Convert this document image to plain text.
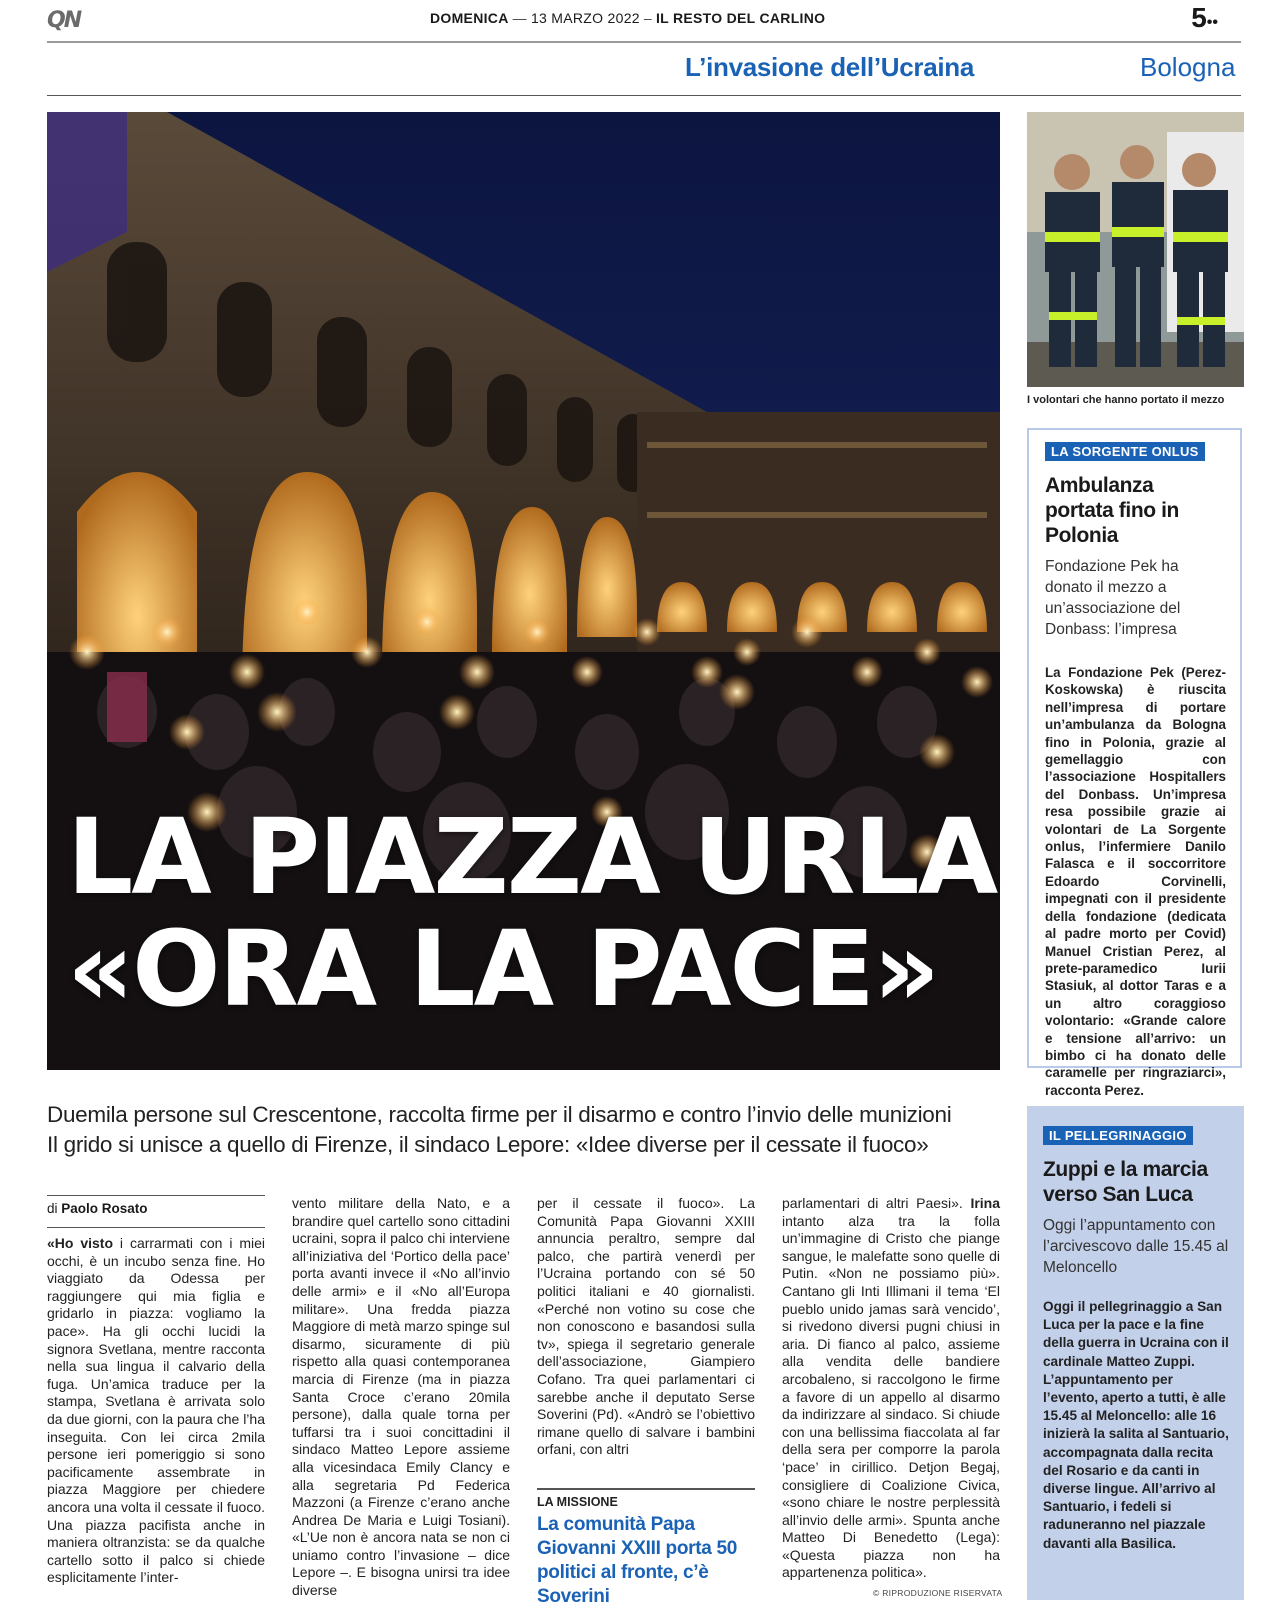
QN	DOMENICA — 13 MARZO 2022 – IL RESTO DEL CARLINO	5••
L’invasione dell’Ucraina	Bologna
LA PIAZZA URLA
«ORA LA PACE»
I volontari che hanno portato il mezzo
LA SORGENTE ONLUS
Ambulanza portata fino in Polonia
Fondazione Pek ha donato il mezzo a un’associazione del Donbass: l’impresa
La Fondazione Pek (Perez-Koskowska) è riuscita nell’impresa di portare un’ambulanza da Bologna fino in Polonia, grazie al gemellaggio con l’associazione Hospitallers del Donbass. Un’impresa resa possibile grazie ai volontari de La Sorgente onlus, l’infermiere Danilo Falasca e il soccorritore Edoardo Corvinelli, impegnati con il presidente della fondazione (dedicata al padre morto per Covid) Manuel Cristian Perez, al prete-paramedico Iurii Stasiuk, al dottor Taras e a un altro coraggioso volontario: «Grande calore e tensione all’arrivo: un bimbo ci ha donato delle caramelle per ringraziarci», racconta Perez.
Duemila persone sul Crescentone, raccolta firme per il disarmo e contro l’invio delle munizioni
Il grido si unisce a quello di Firenze, il sindaco Lepore: «Idee diverse per il cessate il fuoco»
di Paolo Rosato
«Ho visto i carrarmati con i miei occhi, è un incubo senza fine. Ho viaggiato da Odessa per raggiungere qui mia figlia e gridarlo in piazza: vogliamo la pace». Ha gli occhi lucidi la signora Svetlana, mentre racconta nella sua lingua il calvario della fuga. Un’amica traduce per la stampa, Svetlana è arrivata solo da due giorni, con la paura che l’ha inseguita. Con lei circa 2mila persone ieri pomeriggio si sono pacificamente assembrate in piazza Maggiore per chiedere ancora una volta il cessate il fuoco. Una piazza pacifista anche in maniera oltranzista: se da qualche cartello sotto il palco si chiede esplicitamente l’inter-
vento militare della Nato, e a brandire quel cartello sono cittadini ucraini, sopra il palco chi interviene all’iniziativa del ‘Portico della pace’ porta avanti invece il «No all’invio delle armi» e il «No all’Europa militare». Una fredda piazza Maggiore di metà marzo spinge sul disarmo, sicuramente di più rispetto alla quasi contemporanea marcia di Firenze (ma in piazza Santa Croce c’erano 20mila persone), dalla quale torna per tuffarsi tra i suoi concittadini il sindaco Matteo Lepore assieme alla vicesindaca Emily Clancy e alla segretaria Pd Federica Mazzoni (a Firenze c’erano anche Andrea De Maria e Luigi Tosiani). «L’Ue non è ancora nata se non ci uniamo contro l’invasione – dice Lepore –. E bisogna unirsi tra idee diverse
per il cessate il fuoco». La Comunità Papa Giovanni XXIII annuncia peraltro, sempre dal palco, che partirà venerdì per l’Ucraina portando con sé 50 politici italiani e 40 giornalisti. «Perché non votino su cose che non conoscono e basandosi sulla tv», spiega il segretario generale dell’associazione, Giampiero Cofano. Tra quei parlamentari ci sarebbe anche il deputato Serse Soverini (Pd). «Andrò se l’obiettivo rimane quello di salvare i bambini orfani, con altri
parlamentari di altri Paesi». Irina intanto alza tra la folla un’immagine di Cristo che piange sangue, le malefatte sono quelle di Putin. «Non ne possiamo più». Cantano gli Inti Illimani il tema ‘El pueblo unido jamas sarà vencido’, si rivedono diversi pugni chiusi in aria. Di fianco al palco, assieme alla vendita delle bandiere arcobaleno, si raccolgono le firme a favore di un appello al disarmo da indirizzare al sindaco. Si chiude con una bellissima fiaccolata al far della sera per comporre la parola ‘pace’ in cirillico. Detjon Begaj, consigliere di Coalizione Civica, «sono chiare le nostre perplessità all’invio delle armi». Spunta anche Matteo Di Benedetto (Lega): «Questa piazza non ha appartenenza politica».
LA MISSIONE
La comunità Papa Giovanni XXIII porta 50 politici al fronte, c’è Soverini	© RIPRODUZIONE RISERVATA
IL PELLEGRINAGGIO
Zuppi e la marcia verso San Luca
Oggi l’appuntamento con l’arcivescovo dalle 15.45 al Meloncello
Oggi il pellegrinaggio a San Luca per la pace e la fine della guerra in Ucraina con il cardinale Matteo Zuppi. L’appuntamento per l’evento, aperto a tutti, è alle 15.45 al Meloncello: alle 16 inizierà la salita al Santuario, accompagnata dalla recita del Rosario e da canti in diverse lingue. All’arrivo al Santuario, i fedeli si raduneranno nel piazzale davanti alla Basilica.
